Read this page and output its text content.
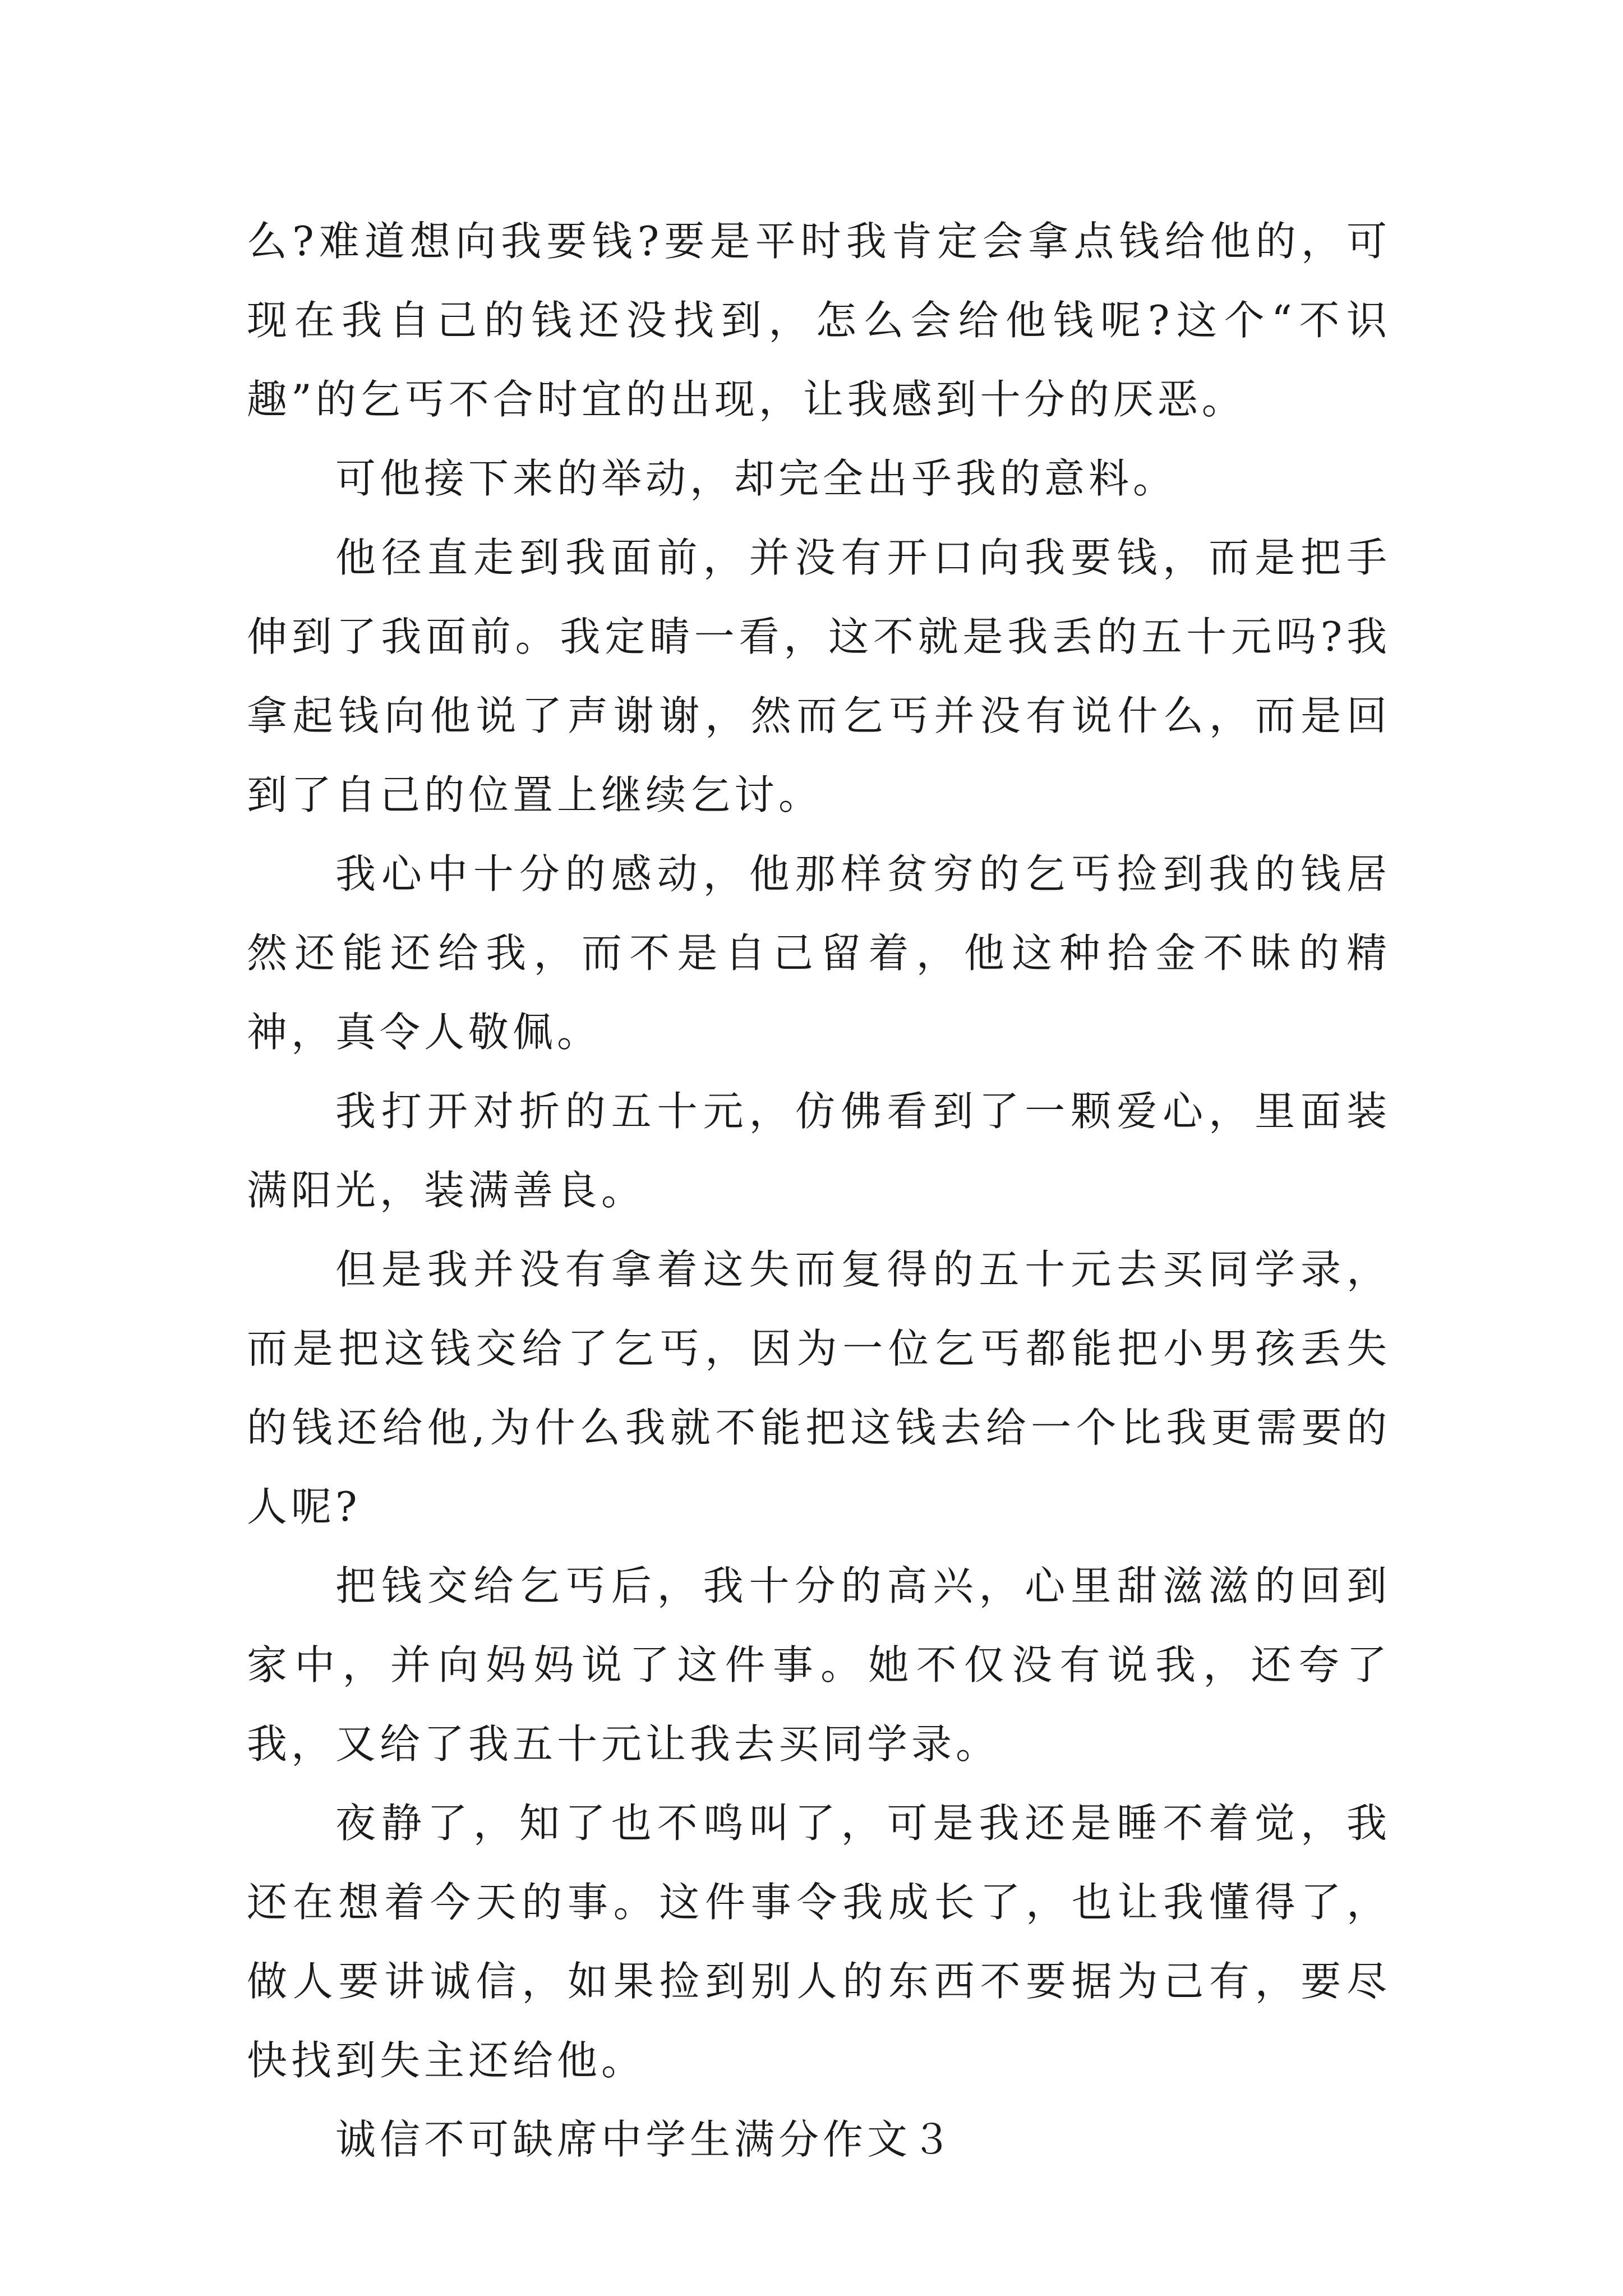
么?难道想向我要钱?要是平时我肯定会拿点钱给他的，可现在我自己的钱还没找到，怎么会给他钱呢?这个“不识趣”的乞丐不合时宜的出现，让我感到十分的厌恶。

可他接下来的举动，却完全出乎我的意料。

他径直走到我面前，并没有开口向我要钱，而是把手伸到了我面前。我定睛一看，这不就是我丢的五十元吗?我拿起钱向他说了声谢谢，然而乞丐并没有说什么，而是回到了自己的位置上继续乞讨。

我心中十分的感动，他那样贫穷的乞丐捡到我的钱居然还能还给我，而不是自己留着，他这种拾金不昧的精神，真令人敬佩。

我打开对折的五十元，仿佛看到了一颗爱心，里面装满阳光，装满善良。

但是我并没有拿着这失而复得的五十元去买同学录，而是把这钱交给了乞丐，因为一位乞丐都能把小男孩丢失的钱还给他,为什么我就不能把这钱去给一个比我更需要的人呢?

把钱交给乞丐后，我十分的高兴，心里甜滋滋的回到家中，并向妈妈说了这件事。她不仅没有说我，还夸了我，又给了我五十元让我去买同学录。

夜静了，知了也不鸣叫了，可是我还是睡不着觉，我还在想着今天的事。这件事令我成长了，也让我懂得了，做人要讲诚信，如果捡到别人的东西不要据为己有，要尽快找到失主还给他。

诚信不可缺席中学生满分作文３
